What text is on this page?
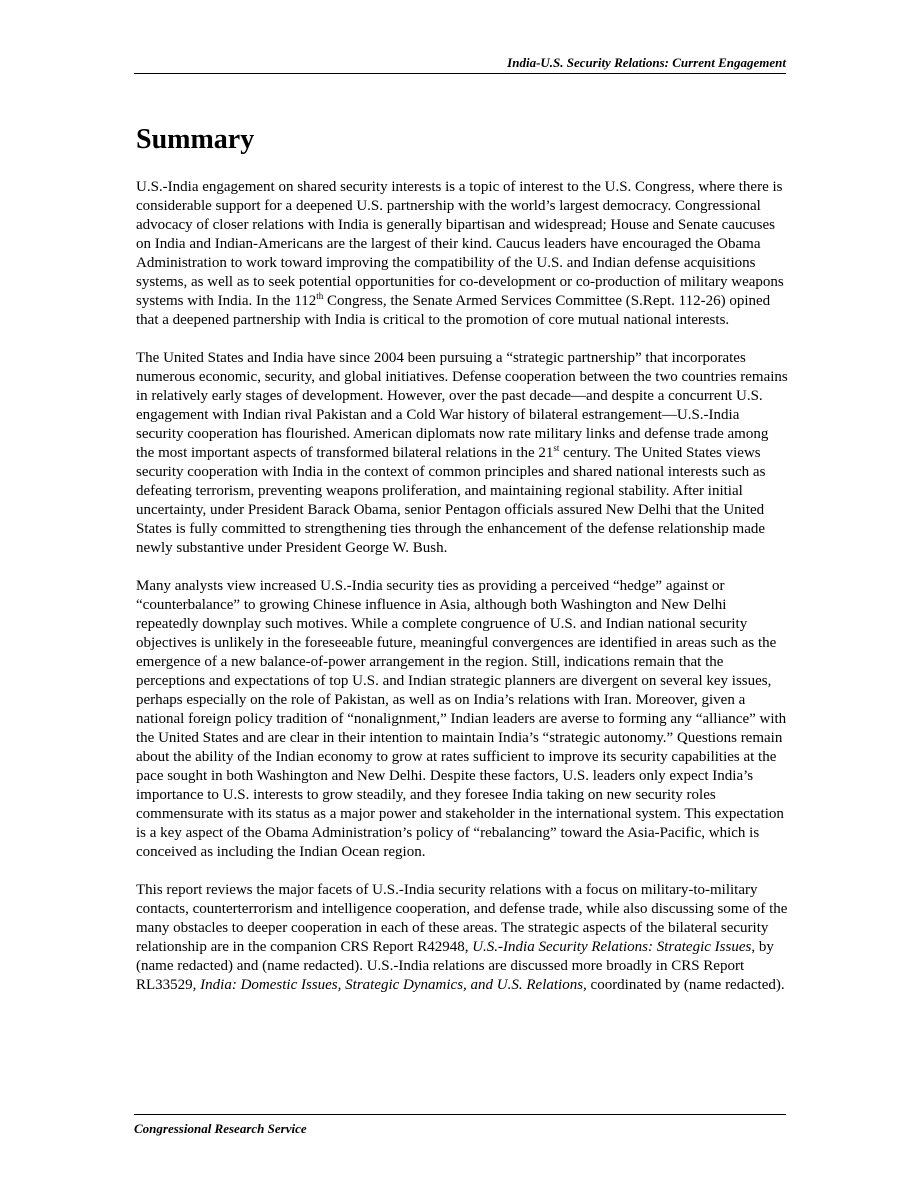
India-U.S. Security Relations: Current Engagement
Summary

U.S.-India engagement on shared security interests is a topic of interest to the U.S. Congress, where there is considerable support for a deepened U.S. partnership with the world’s largest democracy. Congressional advocacy of closer relations with India is generally bipartisan and widespread; House and Senate caucuses on India and Indian-Americans are the largest of their kind. Caucus leaders have encouraged the Obama Administration to work toward improving the compatibility of the U.S. and Indian defense acquisitions systems, as well as to seek potential opportunities for co-development or co-production of military weapons systems with India. In the 112th Congress, the Senate Armed Services Committee (S.Rept. 112-26) opined that a deepened partnership with India is critical to the promotion of core mutual national interests.

The United States and India have since 2004 been pursuing a “strategic partnership” that incorporates numerous economic, security, and global initiatives. Defense cooperation between the two countries remains in relatively early stages of development. However, over the past decade—and despite a concurrent U.S. engagement with Indian rival Pakistan and a Cold War history of bilateral estrangement—U.S.-India security cooperation has flourished. American diplomats now rate military links and defense trade among the most important aspects of transformed bilateral relations in the 21st century. The United States views security cooperation with India in the context of common principles and shared national interests such as defeating terrorism, preventing weapons proliferation, and maintaining regional stability. After initial uncertainty, under President Barack Obama, senior Pentagon officials assured New Delhi that the United States is fully committed to strengthening ties through the enhancement of the defense relationship made newly substantive under President George W. Bush.

Many analysts view increased U.S.-India security ties as providing a perceived “hedge” against or “counterbalance” to growing Chinese influence in Asia, although both Washington and New Delhi repeatedly downplay such motives. While a complete congruence of U.S. and Indian national security objectives is unlikely in the foreseeable future, meaningful convergences are identified in areas such as the emergence of a new balance-of-power arrangement in the region. Still, indications remain that the perceptions and expectations of top U.S. and Indian strategic planners are divergent on several key issues, perhaps especially on the role of Pakistan, as well as on India’s relations with Iran. Moreover, given a national foreign policy tradition of “nonalignment,” Indian leaders are averse to forming any “alliance” with the United States and are clear in their intention to maintain India’s “strategic autonomy.” Questions remain about the ability of the Indian economy to grow at rates sufficient to improve its security capabilities at the pace sought in both Washington and New Delhi. Despite these factors, U.S. leaders only expect India’s importance to U.S. interests to grow steadily, and they foresee India taking on new security roles commensurate with its status as a major power and stakeholder in the international system. This expectation is a key aspect of the Obama Administration’s policy of “rebalancing” toward the Asia-Pacific, which is conceived as including the Indian Ocean region.

This report reviews the major facets of U.S.-India security relations with a focus on military-to-military contacts, counterterrorism and intelligence cooperation, and defense trade, while also discussing some of the many obstacles to deeper cooperation in each of these areas. The strategic aspects of the bilateral security relationship are in the companion CRS Report R42948, U.S.-India Security Relations: Strategic Issues, by (name redacted) and (name redacted). U.S.-India relations are discussed more broadly in CRS Report RL33529, India: Domestic Issues, Strategic Dynamics, and U.S. Relations, coordinated by (name redacted).

Congressional Research Service
